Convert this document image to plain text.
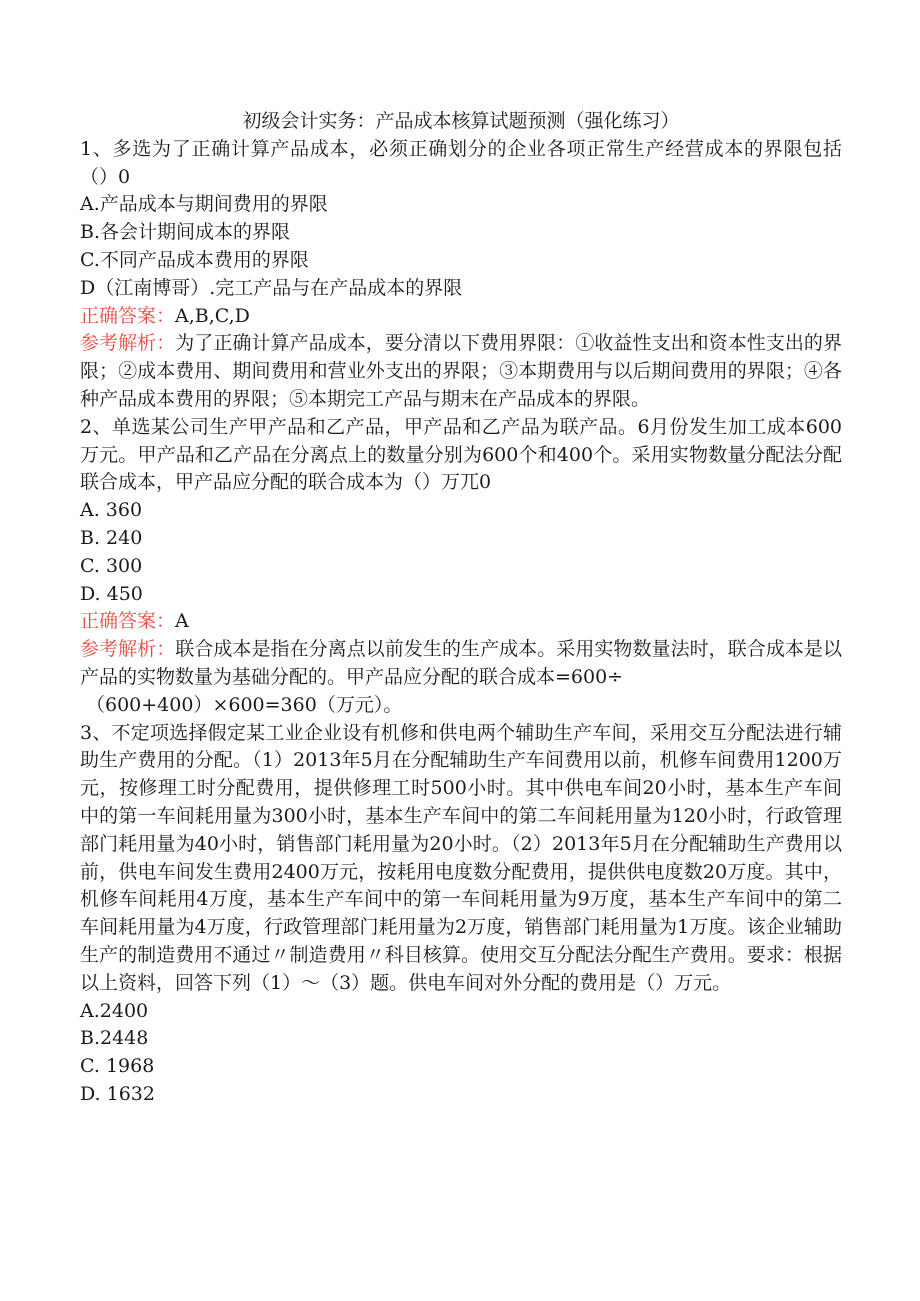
初级会计实务：产品成本核算试题预测（强化练习）

1、多选为了正确计算产品成本，必须正确划分的企业各项正常生产经营成本的界限包括（）0

A.产品成本与期间费用的界限

B.各会计期间成本的界限

C.不同产品成本费用的界限

D（江南博哥）.完工产品与在产品成本的界限

正确答案：A,B,C,D

参考解析：为了正确计算产品成本，要分清以下费用界限：①收益性支出和资本性支出的界限；②成本费用、期间费用和营业外支出的界限；③本期费用与以后期间费用的界限；④各种产品成本费用的界限；⑤本期完工产品与期末在产品成本的界限。

2、单选某公司生产甲产品和乙产品，甲产品和乙产品为联产品。6月份发生加工成本600万元。甲产品和乙产品在分离点上的数量分别为600个和400个。采用实物数量分配法分配联合成本，甲产品应分配的联合成本为（）万兀0

A. 360

B. 240

C. 300

D. 450

正确答案：A

参考解析：联合成本是指在分离点以前发生的生产成本。采用实物数量法时，联合成本是以产品的实物数量为基础分配的。甲产品应分配的联合成本=600÷

（600+400）×600=360（万元）。

3、不定项选择假定某工业企业设有机修和供电两个辅助生产车间，采用交互分配法进行辅助生产费用的分配。（1）2013年5月在分配辅助生产车间费用以前，机修车间费用1200万元，按修理工时分配费用，提供修理工时500小时。其中供电车间20小时，基本生产车间中的第一车间耗用量为300小时，基本生产车间中的第二车间耗用量为120小时，行政管理部门耗用量为40小时，销售部门耗用量为20小时。（2）2013年5月在分配辅助生产费用以前，供电车间发生费用2400万元，按耗用电度数分配费用，提供供电度数20万度。其中，机修车间耗用4万度，基本生产车间中的第一车间耗用量为9万度，基本生产车间中的第二车间耗用量为4万度，行政管理部门耗用量为2万度，销售部门耗用量为1万度。该企业辅助生产的制造费用不通过〃制造费用〃科目核算。使用交互分配法分配生产费用。要求：根据以上资料，回答下列（1）～（3）题。供电车间对外分配的费用是（）万元。

A.2400

B.2448

C. 1968

D. 1632
